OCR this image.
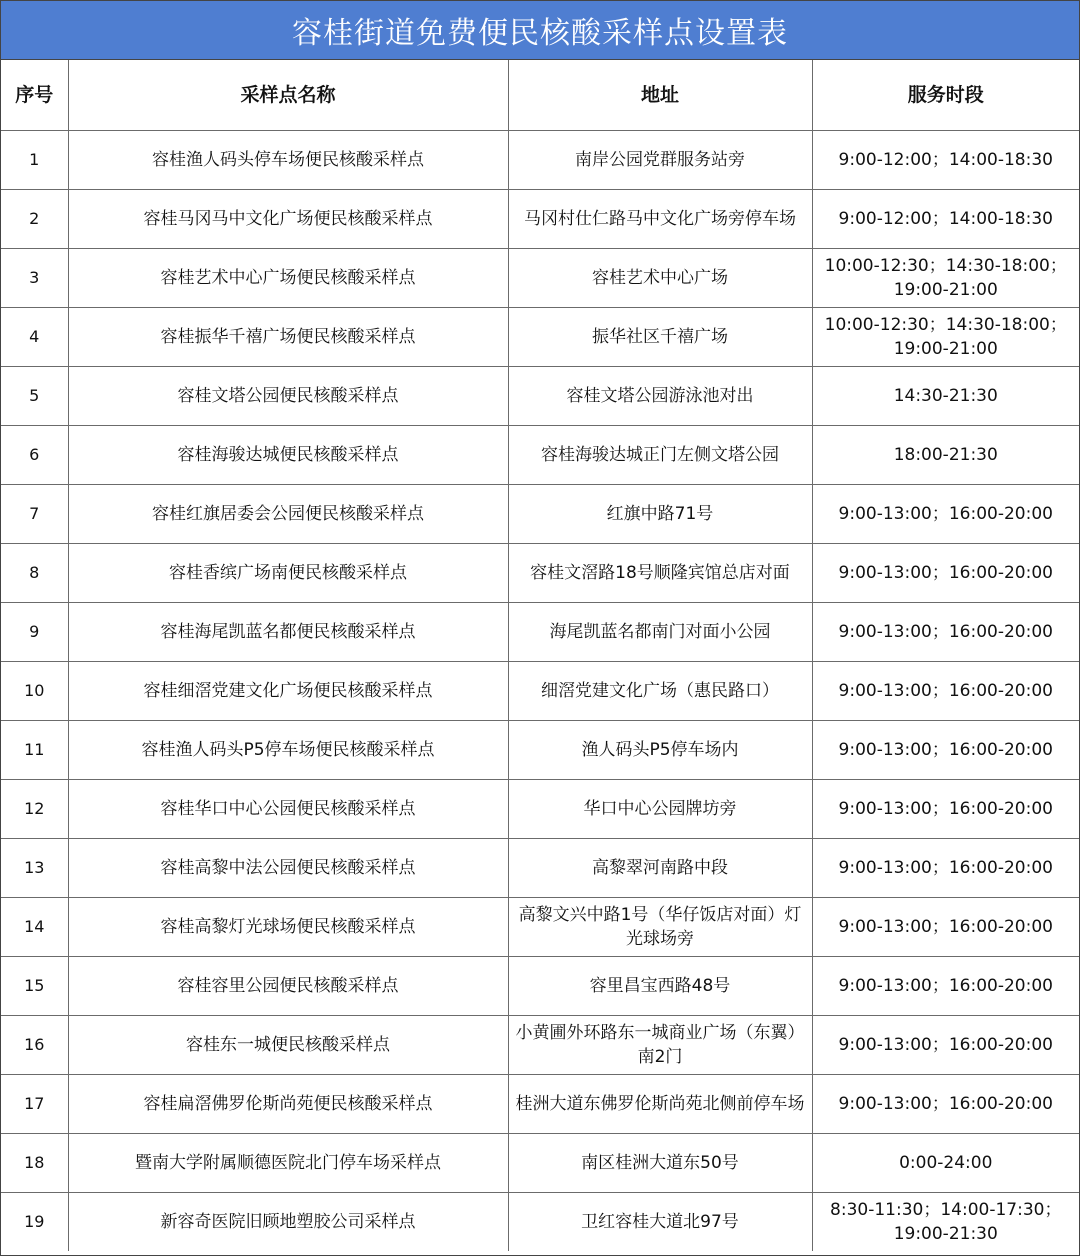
容桂街道免费便民核酸采样点设置表
序号	采样点名称	地址	服务时段
1	容桂渔人码头停车场便民核酸采样点	南岸公园党群服务站旁	9:00-12:00；14:00-18:30
2	容桂马冈马中文化广场便民核酸采样点	马冈村仕仁路马中文化广场旁停车场	9:00-12:00；14:00-18:30
3	容桂艺术中心广场便民核酸采样点	容桂艺术中心广场	10:00-12:30；14:30-18:00；19:00-21:00
4	容桂振华千禧广场便民核酸采样点	振华社区千禧广场	10:00-12:30；14:30-18:00；19:00-21:00
5	容桂文塔公园便民核酸采样点	容桂文塔公园游泳池对出	14:30-21:30
6	容桂海骏达城便民核酸采样点	容桂海骏达城正门左侧文塔公园	18:00-21:30
7	容桂红旗居委会公园便民核酸采样点	红旗中路71号	9:00-13:00；16:00-20:00
8	容桂香缤广场南便民核酸采样点	容桂文滘路18号顺隆宾馆总店对面	9:00-13:00；16:00-20:00
9	容桂海尾凯蓝名都便民核酸采样点	海尾凯蓝名都南门对面小公园	9:00-13:00；16:00-20:00
10	容桂细滘党建文化广场便民核酸采样点	细滘党建文化广场（惠民路口）	9:00-13:00；16:00-20:00
11	容桂渔人码头P5停车场便民核酸采样点	渔人码头P5停车场内	9:00-13:00；16:00-20:00
12	容桂华口中心公园便民核酸采样点	华口中心公园牌坊旁	9:00-13:00；16:00-20:00
13	容桂高黎中法公园便民核酸采样点	高黎翠河南路中段	9:00-13:00；16:00-20:00
14	容桂高黎灯光球场便民核酸采样点	高黎文兴中路1号（华仔饭店对面）灯光球场旁	9:00-13:00；16:00-20:00
15	容桂容里公园便民核酸采样点	容里昌宝西路48号	9:00-13:00；16:00-20:00
16	容桂东一城便民核酸采样点	小黄圃外环路东一城商业广场（东翼）南2门	9:00-13:00；16:00-20:00
17	容桂扁滘佛罗伦斯尚苑便民核酸采样点	桂洲大道东佛罗伦斯尚苑北侧前停车场	9:00-13:00；16:00-20:00
18	暨南大学附属顺德医院北门停车场采样点	南区桂洲大道东50号	0:00-24:00
19	新容奇医院旧顾地塑胶公司采样点	卫红容桂大道北97号	8:30-11:30；14:00-17:30；19:00-21:30
